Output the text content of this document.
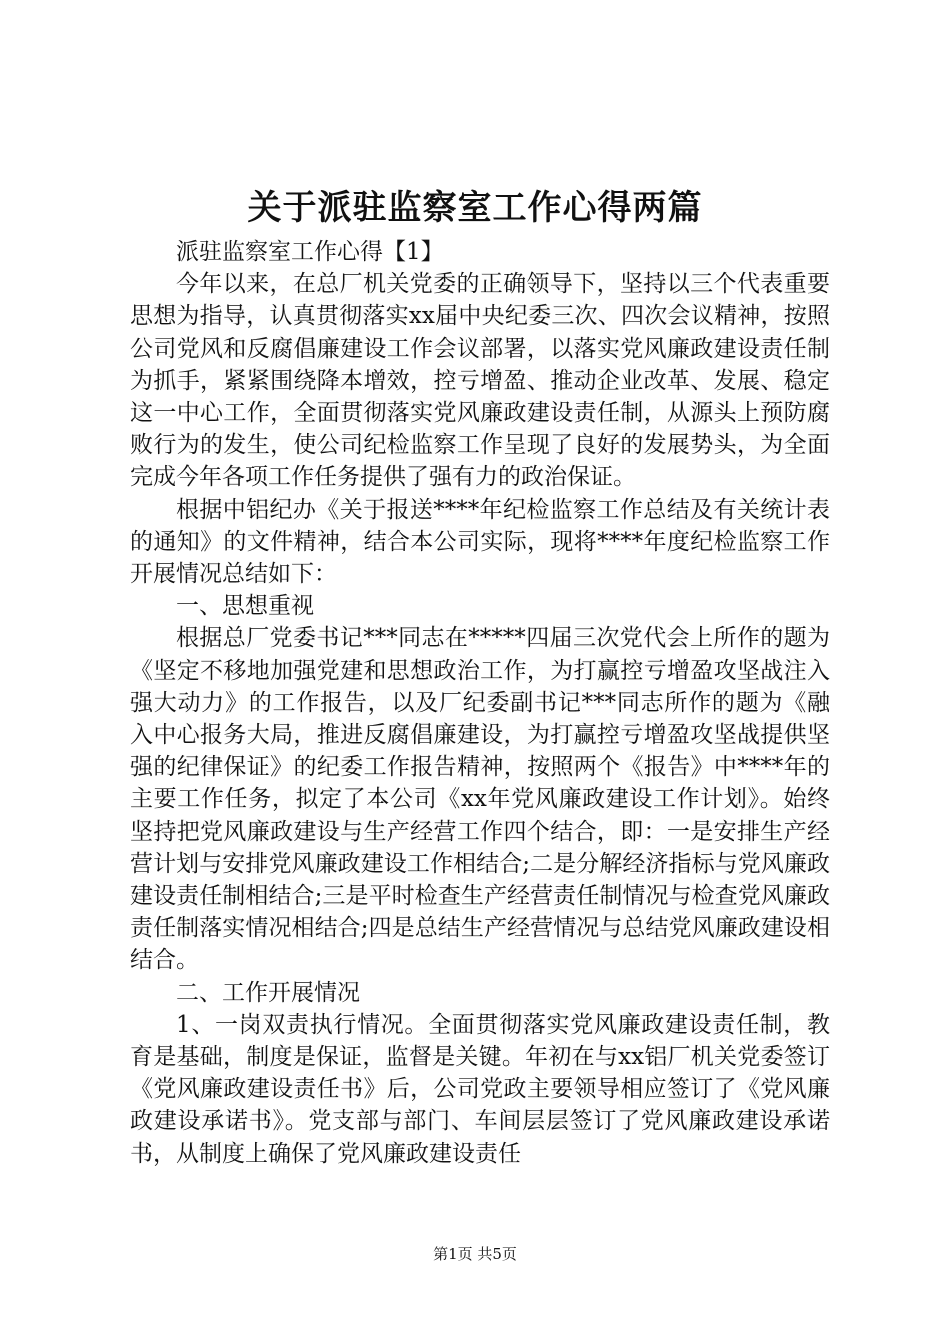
关于派驻监察室工作心得两篇

派驻监察室工作心得【1】

今年以来，在总厂机关党委的正确领导下，坚持以三个代表重要思想为指导，认真贯彻落实xx届中央纪委三次、四次会议精神，按照公司党风和反腐倡廉建设工作会议部署，以落实党风廉政建设责任制为抓手，紧紧围绕降本增效，控亏增盈、推动企业改革、发展、稳定这一中心工作，全面贯彻落实党风廉政建设责任制，从源头上预防腐败行为的发生，使公司纪检监察工作呈现了良好的发展势头，为全面完成今年各项工作任务提供了强有力的政治保证。

根据中铝纪办《关于报送****年纪检监察工作总结及有关统计表的通知》的文件精神，结合本公司实际，现将****年度纪检监察工作开展情况总结如下：

一、思想重视

根据总厂党委书记***同志在*****四届三次党代会上所作的题为《坚定不移地加强党建和思想政治工作，为打赢控亏增盈攻坚战注入强大动力》的工作报告，以及厂纪委副书记***同志所作的题为《融入中心报务大局，推进反腐倡廉建设，为打赢控亏增盈攻坚战提供坚强的纪律保证》的纪委工作报告精神，按照两个《报告》中****年的主要工作任务，拟定了本公司《xx年党风廉政建设工作计划》。始终坚持把党风廉政建设与生产经营工作四个结合，即：一是安排生产经营计划与安排党风廉政建设工作相结合;二是分解经济指标与党风廉政建设责任制相结合;三是平时检查生产经营责任制情况与检查党风廉政责任制落实情况相结合;四是总结生产经营情况与总结党风廉政建设相结合。

二、工作开展情况

1、一岗双责执行情况。全面贯彻落实党风廉政建设责任制，教育是基础，制度是保证，监督是关键。年初在与xx铝厂机关党委签订《党风廉政建设责任书》后，公司党政主要领导相应签订了《党风廉政建设承诺书》。党支部与部门、车间层层签订了党风廉政建设承诺书，从制度上确保了党风廉政建设责任

第1页 共5页
